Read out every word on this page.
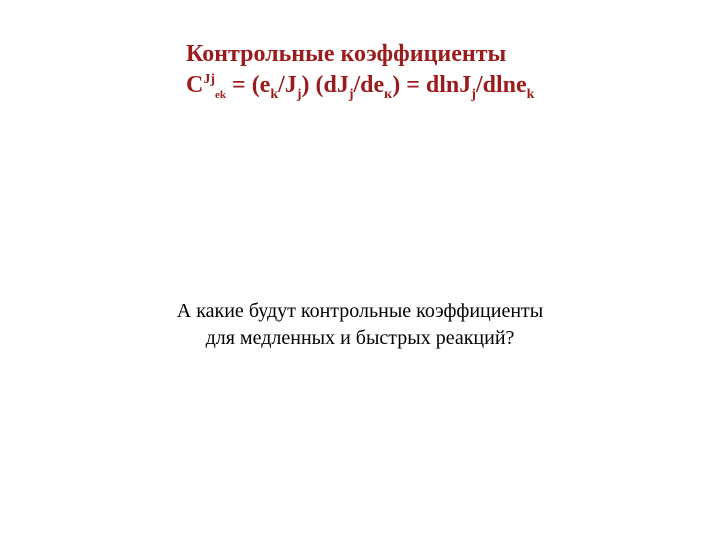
Контрольные коэффициенты
$C^{Jj}_{ek} = (e_k/J_j) (dJ_j/de_к) = dlnJ_j/dlne_k$
А какие будут контрольные коэффициенты
для медленных и быстрых реакций?
